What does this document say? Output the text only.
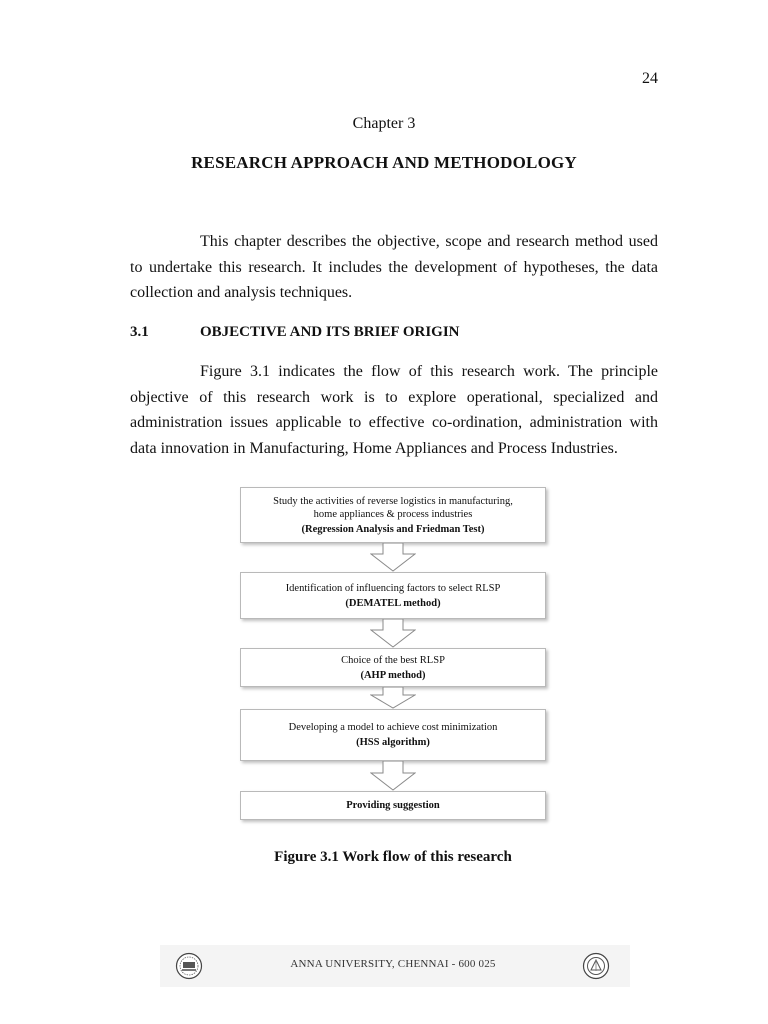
24
Chapter 3
RESEARCH APPROACH AND METHODOLOGY

This chapter describes the objective, scope and research method used to undertake this research. It includes the development of hypotheses, the data collection and analysis techniques.

3.1	OBJECTIVE AND ITS BRIEF ORIGIN

Figure 3.1 indicates the flow of this research work. The principle objective of this research work is to explore operational, specialized and administration issues applicable to effective co-ordination, administration with data innovation in Manufacturing, Home Appliances and Process Industries.

Study the activities of reverse logistics in manufacturing,
home appliances & process industries
(Regression Analysis and Friedman Test)
Identification of influencing factors to select RLSP
(DEMATEL method)
Choice of the best RLSP
(AHP method)
Developing a model to achieve cost minimization
(HSS algorithm)
Providing suggestion
Figure 3.1 Work flow of this research
ANNA UNIVERSITY, CHENNAI - 600 025
